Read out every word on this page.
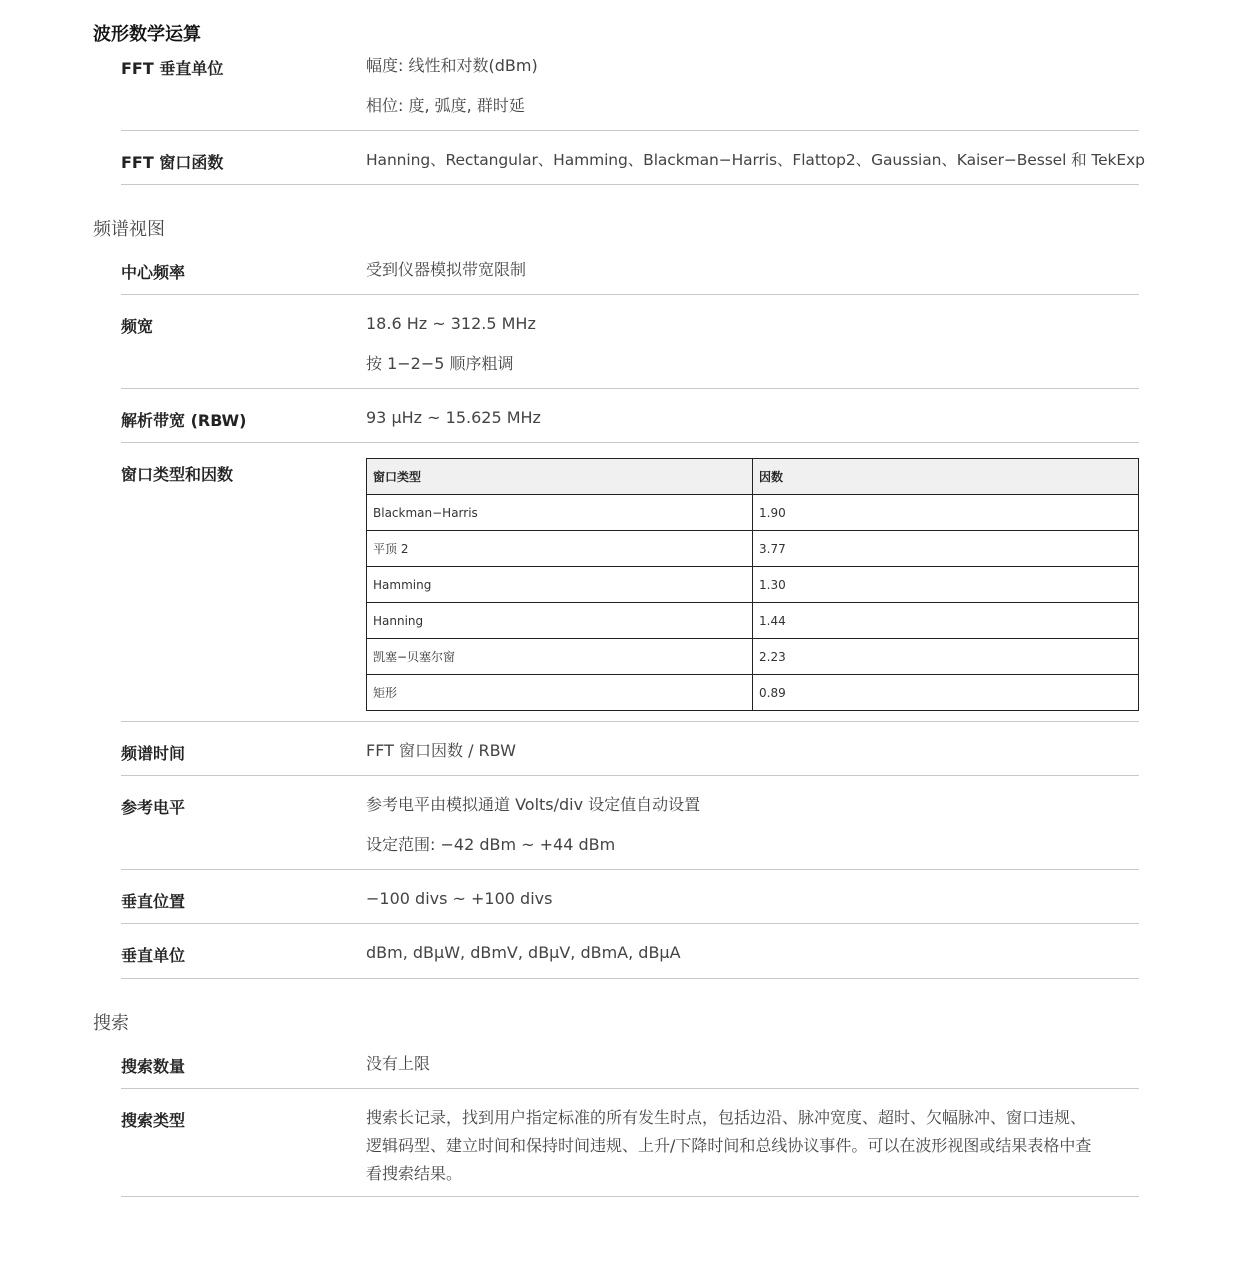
波形数学运算
FFT 垂直单位	幅度: 线性和对数(dBm)
相位: 度, 弧度, 群时延
FFT 窗口函数	Hanning、Rectangular、Hamming、Blackman−Harris、Flattop2、Gaussian、Kaiser−Bessel 和 TekExp
频谱视图
中心频率	受到仪器模拟带宽限制
频宽	18.6 Hz ~ 312.5 MHz
按 1−2−5 顺序粗调
解析带宽 (RBW)	93 μHz ~ 15.625 MHz
窗口类型和因数	窗口类型	因数
Blackman−Harris	1.90
平顶 2	3.77
Hamming	1.30
Hanning	1.44
凯塞−贝塞尔窗	2.23
矩形	0.89
频谱时间	FFT 窗口因数 / RBW
参考电平	参考电平由模拟通道 Volts/div 设定值自动设置
设定范围: −42 dBm ~ +44 dBm
垂直位置	−100 divs ~ +100 divs
垂直单位	dBm, dBμW, dBmV, dBμV, dBmA, dBμA
搜索
搜索数量	没有上限
搜索类型	搜索长记录，找到用户指定标准的所有发生时点，包括边沿、脉冲宽度、超时、欠幅脉冲、窗口违规、
逻辑码型、建立时间和保持时间违规、上升/下降时间和总线协议事件。可以在波形视图或结果表格中查
看搜索结果。
